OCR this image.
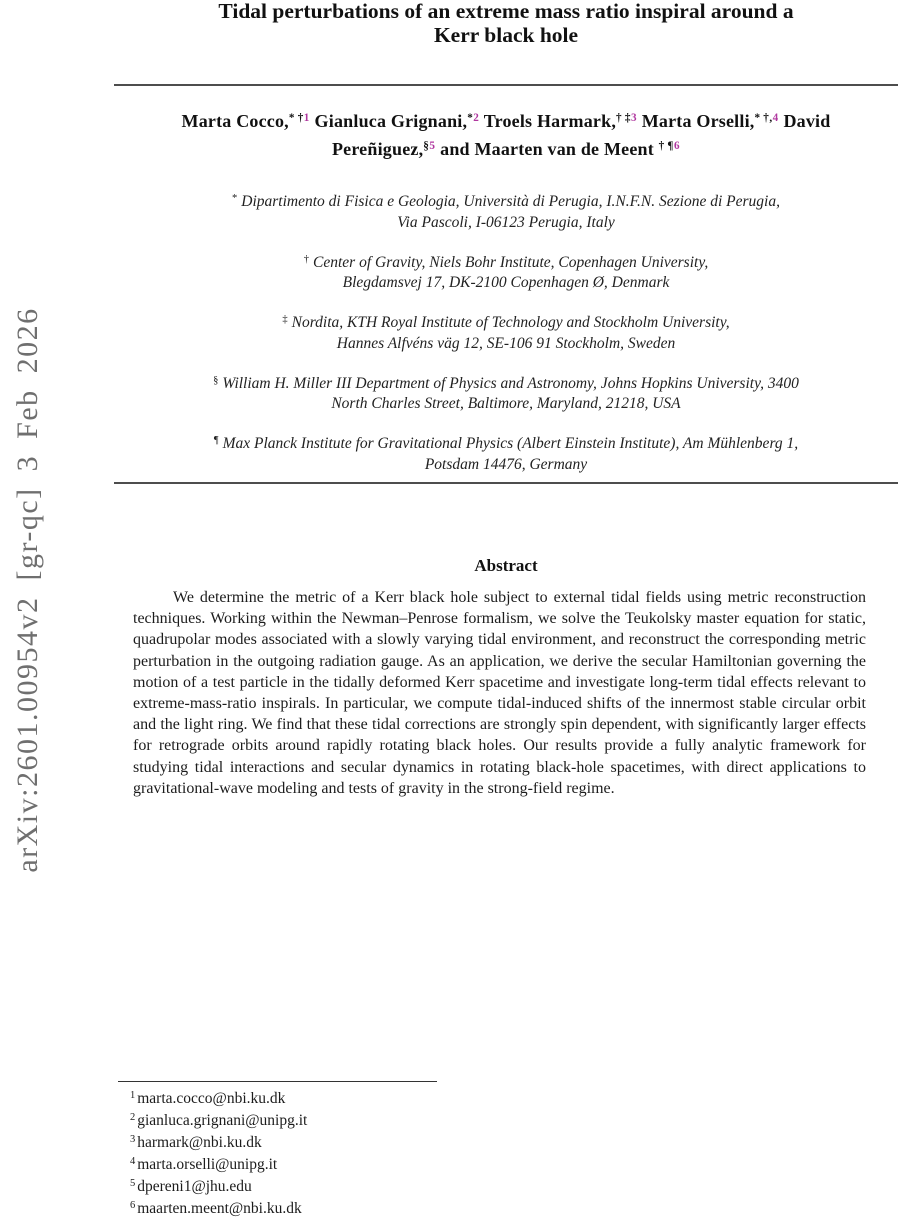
arXiv:2601.00954v2 [gr-qc] 3 Feb 2026
Tidal perturbations of an extreme mass ratio inspiral around a
Kerr black hole
Marta Cocco,$^{* \dagger 1}$ Gianluca Grignani,$^{*2}$ Troels Harmark,$^{\dagger \ddagger 3}$ Marta Orselli,$^{* \dagger,4}$ David
Pereñiguez,$^{\S 5}$ and Maarten van de Meent $^{\dagger \P 6}$
* Dipartimento di Fisica e Geologia, Università di Perugia, I.N.F.N. Sezione di Perugia,
Via Pascoli, I-06123 Perugia, Italy
† Center of Gravity, Niels Bohr Institute, Copenhagen University,
Blegdamsvej 17, DK-2100 Copenhagen Ø, Denmark
‡ Nordita, KTH Royal Institute of Technology and Stockholm University,
Hannes Alfvéns väg 12, SE-106 91 Stockholm, Sweden
§ William H. Miller III Department of Physics and Astronomy, Johns Hopkins University, 3400
North Charles Street, Baltimore, Maryland, 21218, USA
¶ Max Planck Institute for Gravitational Physics (Albert Einstein Institute), Am Mühlenberg 1,
Potsdam 14476, Germany
Abstract

We determine the metric of a Kerr black hole subject to external tidal fields using metric reconstruction techniques. Working within the Newman–Penrose formalism, we solve the Teukolsky master equation for static, quadrupolar modes associated with a slowly varying tidal environment, and reconstruct the corresponding metric perturbation in the outgoing radiation gauge. As an application, we derive the secular Hamiltonian governing the motion of a test particle in the tidally deformed Kerr spacetime and investigate long-term tidal effects relevant to extreme-mass-ratio inspirals. In particular, we compute tidal-induced shifts of the innermost stable circular orbit and the light ring. We find that these tidal corrections are strongly spin dependent, with significantly larger effects for retrograde orbits around rapidly rotating black holes. Our results provide a fully analytic framework for studying tidal interactions and secular dynamics in rotating black-hole spacetimes, with direct applications to gravitational-wave modeling and tests of gravity in the strong-field regime.

$^1$ marta.cocco@nbi.ku.dk
$^2$ gianluca.grignani@unipg.it
$^3$ harmark@nbi.ku.dk
$^4$ marta.orselli@unipg.it
$^5$ dpereni1@jhu.edu
$^6$ maarten.meent@nbi.ku.dk
